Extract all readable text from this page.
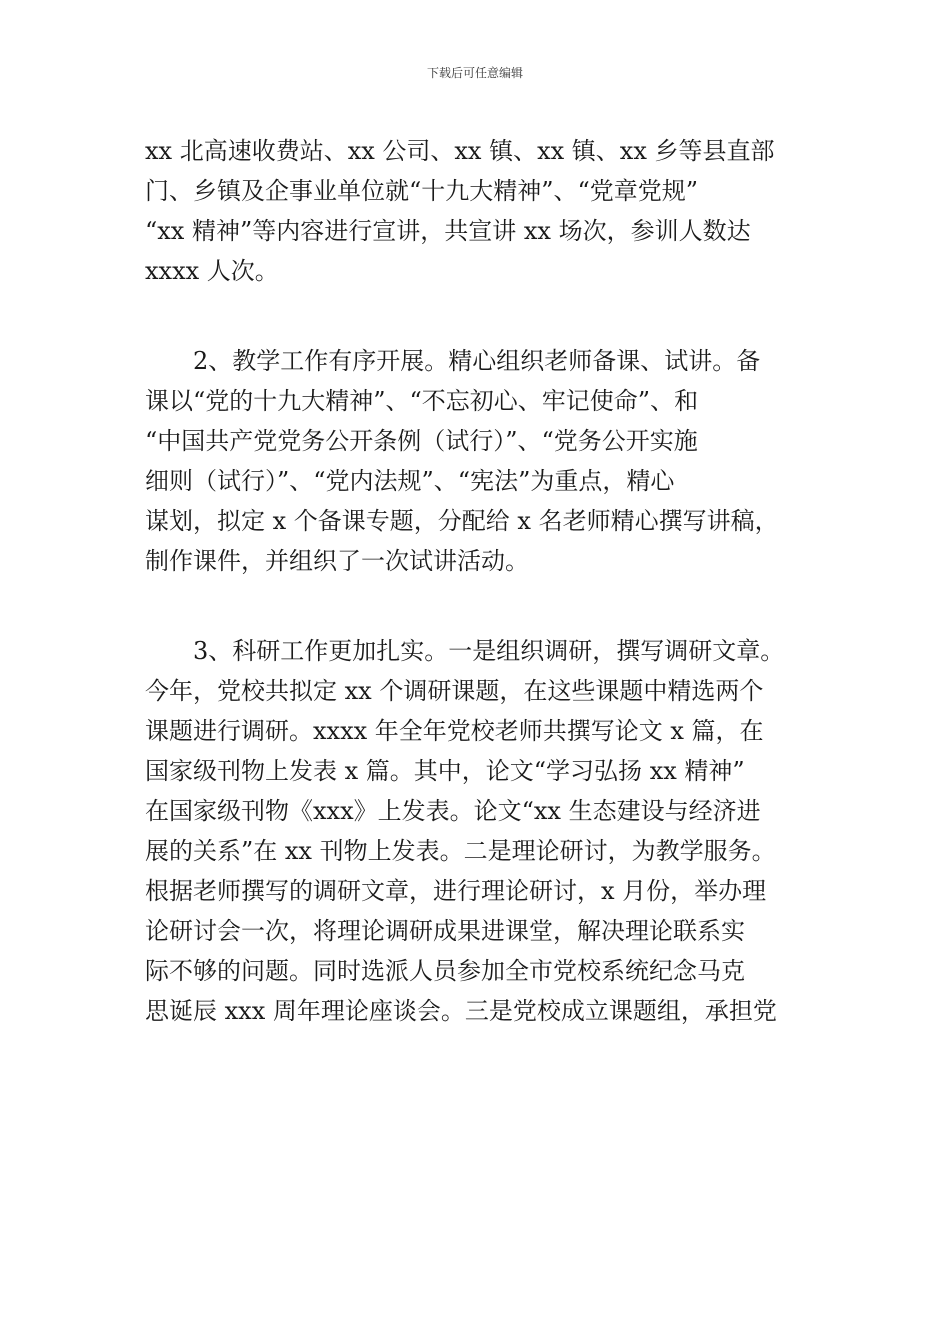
下载后可任意编辑
xx 北高速收费站、xx 公司、xx 镇、xx 镇、xx 乡等县直部
门、乡镇及企事业单位就“十九大精神”、“党章党规”
“xx 精神”等内容进行宣讲，共宣讲 xx 场次，参训人数达
xxxx 人次。
　　2、教学工作有序开展。精心组织老师备课、试讲。备
课以“党的十九大精神”、“不忘初心、牢记使命”、和
“中国共产党党务公开条例（试行）”、“党务公开实施
细则（试行）”、“党内法规”、“宪法”为重点，精心
谋划，拟定 x 个备课专题，分配给 x 名老师精心撰写讲稿，
制作课件，并组织了一次试讲活动。
　　3、科研工作更加扎实。一是组织调研，撰写调研文章。
今年，党校共拟定 xx 个调研课题，在这些课题中精选两个
课题进行调研。xxxx 年全年党校老师共撰写论文 x 篇，在
国家级刊物上发表 x 篇。其中，论文“学习弘扬 xx 精神”
在国家级刊物《xxx》上发表。论文“xx 生态建设与经济进
展的关系”在 xx 刊物上发表。二是理论研讨，为教学服务。
根据老师撰写的调研文章，进行理论研讨，x 月份，举办理
论研讨会一次，将理论调研成果进课堂，解决理论联系实
际不够的问题。同时选派人员参加全市党校系统纪念马克
思诞辰 xxx 周年理论座谈会。三是党校成立课题组，承担党
